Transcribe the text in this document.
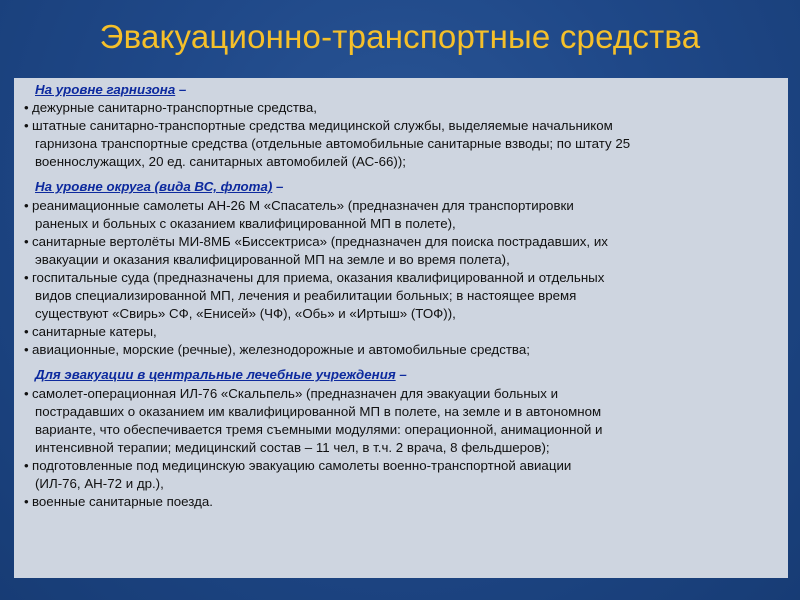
Эвакуационно-транспортные средства

На уровне гарнизона –

• дежурные санитарно-транспортные средства,
• штатные санитарно-транспортные средства медицинской службы, выделяемые начальником
гарнизона транспортные средства (отдельные автомобильные санитарные взводы; по штату 25
военнослужащих, 20 ед. санитарных автомобилей (АС-66));

На уровне округа (вида ВС, флота) –

• реанимационные самолеты АН-26 М «Спасатель» (предназначен для транспортировки
раненых и больных с оказанием квалифицированной МП в полете),
• санитарные вертолёты МИ-8МБ «Биссектриса» (предназначен для поиска пострадавших, их
эвакуации и оказания квалифицированной МП на земле и во время полета),
• госпитальные суда (предназначены для приема, оказания квалифицированной и отдельных
видов специализированной МП, лечения и реабилитации больных; в настоящее время
существуют «Свирь» СФ, «Енисей» (ЧФ), «Обь» и «Иртыш» (ТОФ)),
• санитарные катеры,
• авиационные, морские (речные), железнодорожные и автомобильные средства;

Для эвакуации в центральные лечебные учреждения –

• самолет-операционная ИЛ-76 «Скальпель» (предназначен для эвакуации больных и
пострадавших о оказанием им квалифицированной МП в полете, на земле и в автономном
варианте, что обеспечивается тремя съемными модулями: операционной, анимационной и
интенсивной терапии; медицинский состав – 11 чел, в т.ч. 2 врача, 8 фельдшеров);
• подготовленные под медицинскую эвакуацию самолеты военно-транспортной авиации
(ИЛ-76, АН-72 и др.),
• военные санитарные поезда.
